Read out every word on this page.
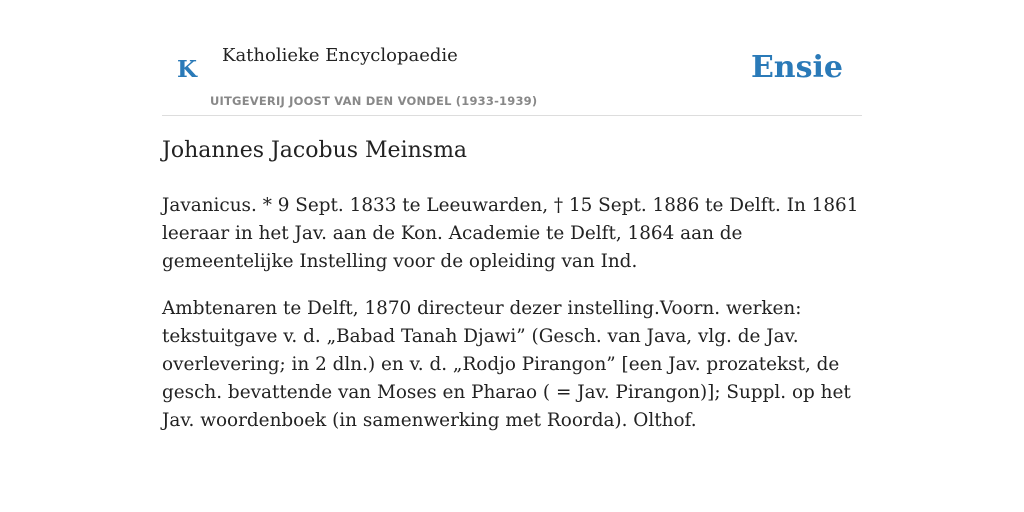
K
Katholieke Encyclopaedie
UITGEVERIJ JOOST VAN DEN VONDEL (1933-1939)
Ensie
Johannes Jacobus Meinsma

Javanicus. * 9 Sept. 1833 te Leeuwarden, † 15 Sept. 1886 te Delft. In 1861 leeraar in het Jav. aan de Kon. Academie te Delft, 1864 aan de gemeentelijke Instelling voor de opleiding van Ind.

Ambtenaren te Delft, 1870 directeur dezer instelling.Voorn. werken: tekstuitgave v. d. „Babad Tanah Djawi” (Gesch. van Java, vlg. de Jav. overlevering; in 2 dln.) en v. d. „Rodjo Pirangon” [een Jav. prozatekst, de gesch. bevattende van Moses en Pharao ( = Jav. Pirangon)]; Suppl. op het Jav. woordenboek (in samenwerking met Roorda). Olthof.
